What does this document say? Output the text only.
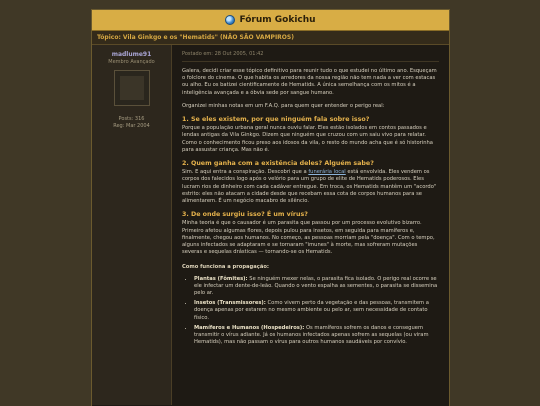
Fórum Gokichu
Tópico: Vila Ginkgo e os "Hematids" (NÃO SÃO VAMPIROS)
madlume91
Membro Avançado
Posts: 316
Reg: Mar 2004
Postado em: 28 Out 2005, 01:42

Galera, decidi criar esse tópico definitivo para reunir tudo o que estudei no último ano. Esqueçam o folclore do cinema. O que habita os arredores da nossa região não tem nada a ver com estacas ou alho. Eu os batizei cientificamente de Hematids. A única semelhança com os mitos é a inteligência avançada e a óbvia sede por sangue humano.

Organizei minhas notas em um F.A.Q. para quem quer entender o perigo real:

1. Se eles existem, por que ninguém fala sobre isso?

Porque a população urbana geral nunca ouviu falar. Eles estão isolados em contos passados e lendas antigas da Vila Ginkgo. Dizem que ninguém que cruzou com um saiu vivo para relatar. Como o conhecimento ficou preso aos idosos da vila, o resto do mundo acha que é só historinha para assustar criança. Mas não é.

2. Quem ganha com a existência deles? Alguém sabe?

Sim. E aqui entra a conspiração. Descobri que a funerária local está envolvida. Eles vendem os corpos dos falecidos logo após o velório para um grupo de elite de Hematids poderosos. Eles lucram rios de dinheiro com cada cadáver entregue. Em troca, os Hematids mantêm um "acordo" estrito: eles não atacam a cidade desde que recebam essa cota de corpos humanos para se alimentarem. É um negócio macabro de silêncio.

3. De onde surgiu isso? É um vírus?

Minha teoria é que o causador é um parasita que passou por um processo evolutivo bizarro. Primeiro afetou algumas flores, depois pulou para insetos, em seguida para mamíferos e, finalmente, chegou aos humanos. No começo, as pessoas morriam pela "doença". Com o tempo, alguns infectados se adaptaram e se tornaram "imunes" à morte, mas sofreram mutações severas e sequelas drásticas — tornando-se os Hematids.

Como funciona a propagação:
• Plantas (Fômites): Se ninguém mexer nelas, o parasita fica isolado. O perigo real ocorre se ele infectar um dente-de-leão. Quando o vento espalha as sementes, o parasita se dissemina pelo ar.
• Insetos (Transmissores): Como vivem perto da vegetação e das pessoas, transmitem a doença apenas por estarem no mesmo ambiente ou pelo ar, sem necessidade de contato físico.
• Mamíferos e Humanos (Hospedeiros): Os mamíferos sofrem os danos e conseguem transmitir o vírus adiante. Já os humanos infectados apenas sofrem as sequelas (ou viram Hematids), mas não passam o vírus para outros humanos saudáveis por convívio.
